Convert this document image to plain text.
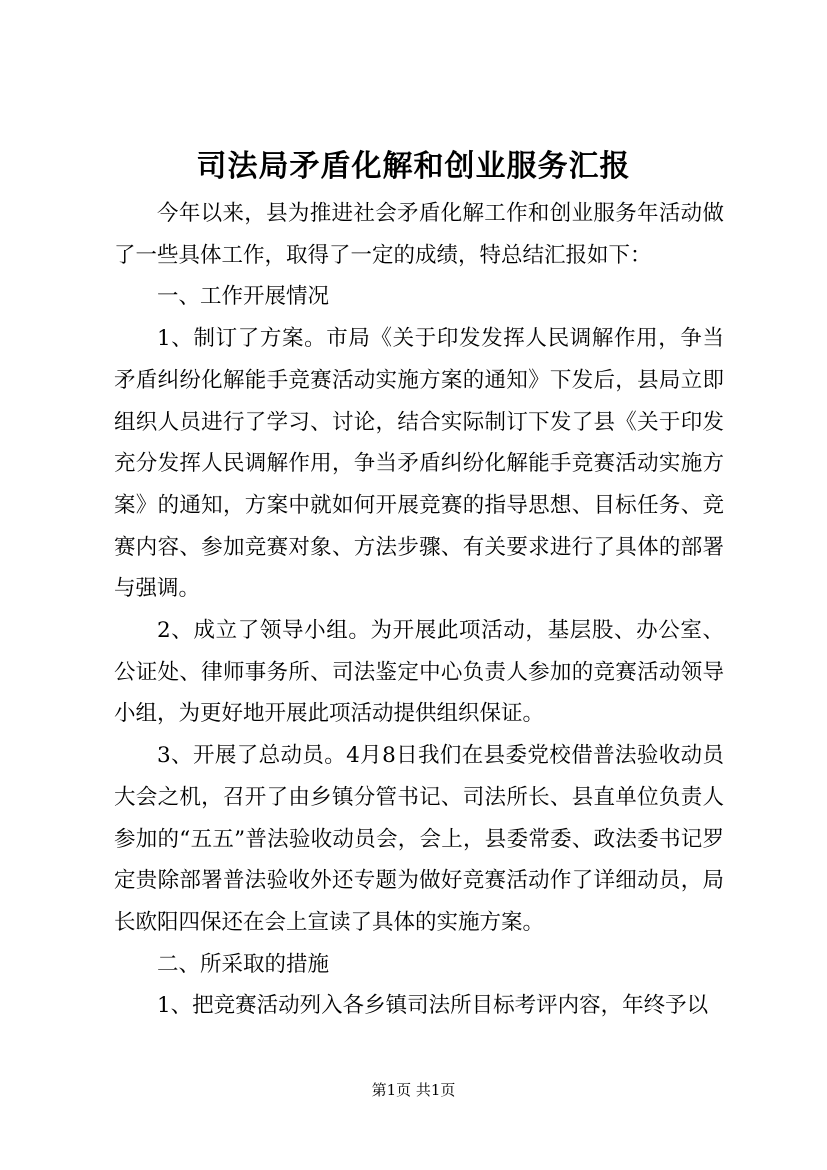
司法局矛盾化解和创业服务汇报

今年以来，县为推进社会矛盾化解工作和创业服务年活动做了一些具体工作，取得了一定的成绩，特总结汇报如下：

一、工作开展情况

1、制订了方案。市局《关于印发发挥人民调解作用，争当矛盾纠纷化解能手竞赛活动实施方案的通知》下发后，县局立即组织人员进行了学习、讨论，结合实际制订下发了县《关于印发充分发挥人民调解作用，争当矛盾纠纷化解能手竞赛活动实施方案》的通知，方案中就如何开展竞赛的指导思想、目标任务、竞赛内容、参加竞赛对象、方法步骤、有关要求进行了具体的部署与强调。

2、成立了领导小组。为开展此项活动，基层股、办公室、公证处、律师事务所、司法鉴定中心负责人参加的竞赛活动领导小组，为更好地开展此项活动提供组织保证。

3、开展了总动员。4月8日我们在县委党校借普法验收动员大会之机，召开了由乡镇分管书记、司法所长、县直单位负责人参加的“五五”普法验收动员会，会上，县委常委、政法委书记罗定贵除部署普法验收外还专题为做好竞赛活动作了详细动员，局长欧阳四保还在会上宣读了具体的实施方案。

二、所采取的措施

1、把竞赛活动列入各乡镇司法所目标考评内容，年终予以

第1页 共1页
